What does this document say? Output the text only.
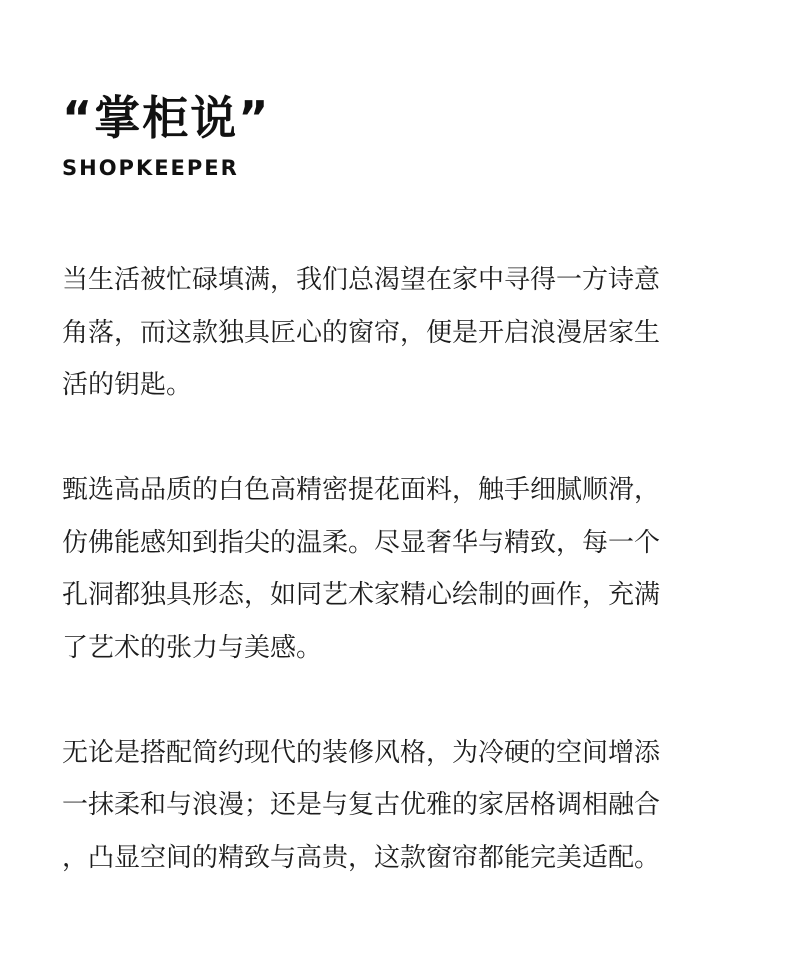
“掌柜说”
SHOPKEEPER
当生活被忙碌填满，我们总渴望在家中寻得一方诗意
角落，而这款独具匠心的窗帘，便是开启浪漫居家生
活的钥匙。
甄选高品质的白色高精密提花面料，触手细腻顺滑，
仿佛能感知到指尖的温柔。尽显奢华与精致，每一个
孔洞都独具形态，如同艺术家精心绘制的画作，充满
了艺术的张力与美感。
无论是搭配简约现代的装修风格，为冷硬的空间增添
一抹柔和与浪漫；还是与复古优雅的家居格调相融合
，凸显空间的精致与高贵，这款窗帘都能完美适配。
